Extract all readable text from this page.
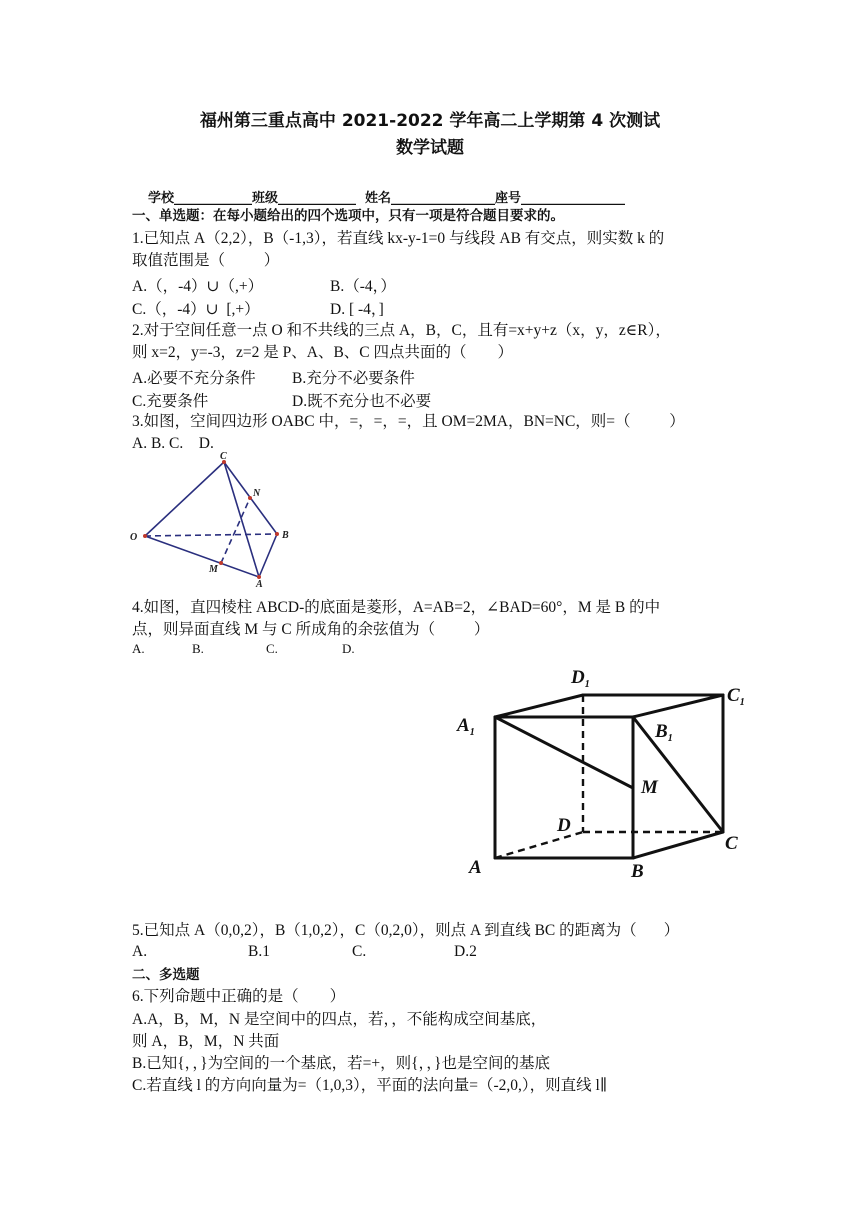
福州第三重点高中 2021-2022 学年高二上学期第 4 次测试
数学试题
学校____________班级____________  姓名________________座号________________
一、单选题：在每小题给出的四个选项中，只有一项是符合题目要求的。
1.已知点 A（2,2），B（-1,3），若直线 kx-y-1=0 与线段 AB 有交点，则实数 k 的
取值范围是（          ）
A.（，-4）∪（,+）	B.（-4，）
C.（，-4）∪  [,+）	D. [ -4，]
2.对于空间任意一点 O 和不共线的三点 A，B，C，且有=x+y+z（x，y，z∈R），
则 x=2，y=-3，z=2 是 P、A、B、C 四点共面的（        ）
A.必要不充分条件 B.充分不必要条件
C.充要条件	D.既不充分也不必要
3.如图，空间四边形 OABC 中，=，=，=，且 OM=2MA，BN=NC，则=（          ）
A. B. C.    D.
C
N
O	B
M
A
4.如图，直四棱柱 ABCD-的底面是菱形，A=AB=2，∠BAD=60°，M 是 B 的中
点，则异面直线 M 与 C 所成角的余弦值为（          ）
A.	B.	C.	D.
$D_1$
$C_1$
$A_1$	$B_1$
M
D
A	B
C
5.已知点 A（0,0,2），B（1,0,2），C（0,2,0），则点 A 到直线 BC 的距离为（       ）
A.	B.1	C.	D.2
二、多选题
6.下列命题中正确的是（        ）
A.A，B，M，N 是空间中的四点，若，，不能构成空间基底，
则 A，B，M，N 共面
B.已知{，，}为空间的一个基底，若=+，则{，，}也是空间的基底
C.若直线 l 的方向向量为=（1,0,3），平面的法向量=（-2,0,），则直线 l∥
